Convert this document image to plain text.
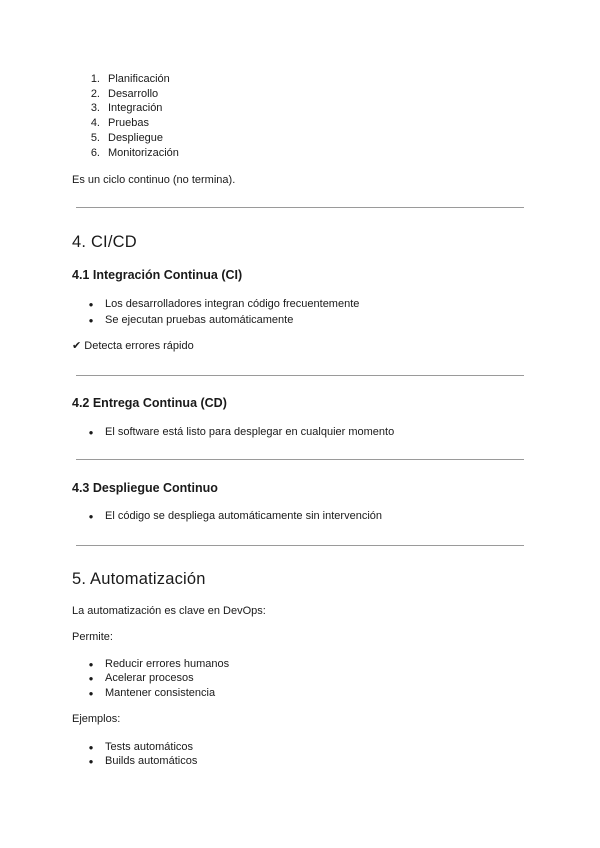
1. Planificación
2. Desarrollo
3. Integración
4. Pruebas
5. Despliegue
6. Monitorización
Es un ciclo continuo (no termina).
4. CI/CD
4.1 Integración Continua (CI)
● Los desarrolladores integran código frecuentemente
● Se ejecutan pruebas automáticamente
✔ Detecta errores rápido
4.2 Entrega Continua (CD)
● El software está listo para desplegar en cualquier momento
4.3 Despliegue Continuo
● El código se despliega automáticamente sin intervención
5. Automatización
La automatización es clave en DevOps:
Permite:
● Reducir errores humanos
● Acelerar procesos
● Mantener consistencia
Ejemplos:
● Tests automáticos
● Builds automáticos
